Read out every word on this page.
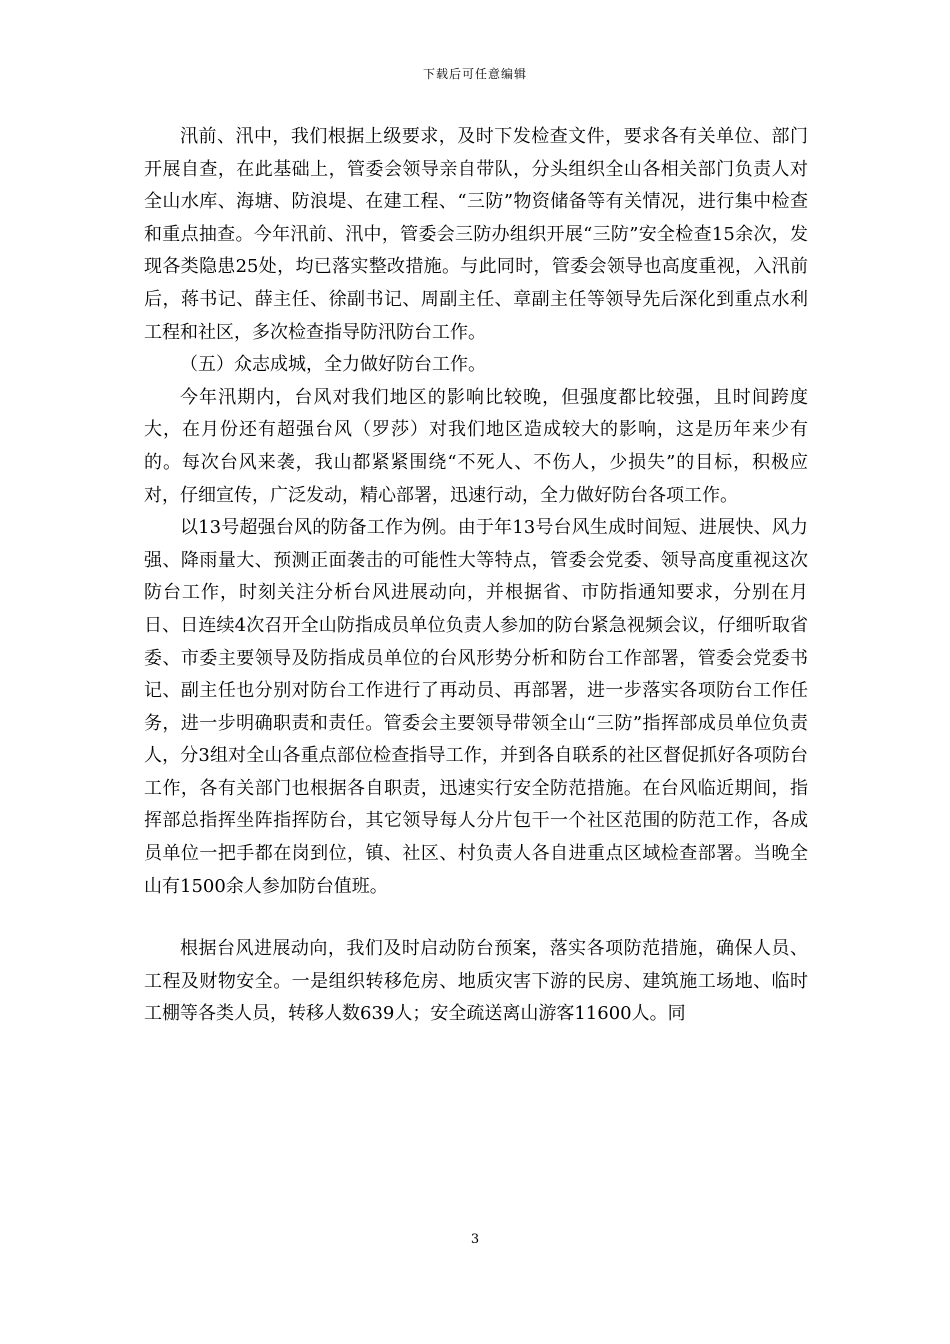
下载后可任意编辑

汛前、汛中，我们根据上级要求，及时下发检查文件，要求各有关单位、部门开展自查，在此基础上，管委会领导亲自带队，分头组织全山各相关部门负责人对全山水库、海塘、防浪堤、在建工程、“三防”物资储备等有关情况，进行集中检查和重点抽查。今年汛前、汛中，管委会三防办组织开展“三防”安全检查15余次，发现各类隐患25处，均已落实整改措施。与此同时，管委会领导也高度重视，入汛前后，蒋书记、薛主任、徐副书记、周副主任、章副主任等领导先后深化到重点水利工程和社区，多次检查指导防汛防台工作。

（五）众志成城，全力做好防台工作。

今年汛期内，台风对我们地区的影响比较晚，但强度都比较强，且时间跨度大，在月份还有超强台风（罗莎）对我们地区造成较大的影响，这是历年来少有的。每次台风来袭，我山都紧紧围绕“不死人、不伤人，少损失”的目标，积极应对，仔细宣传，广泛发动，精心部署，迅速行动，全力做好防台各项工作。

以13号超强台风的防备工作为例。由于年13号台风生成时间短、进展快、风力强、降雨量大、预测正面袭击的可能性大等特点，管委会党委、领导高度重视这次防台工作，时刻关注分析台风进展动向，并根据省、市防指通知要求，分别在月日、日连续4次召开全山防指成员单位负责人参加的防台紧急视频会议，仔细听取省委、市委主要领导及防指成员单位的台风形势分析和防台工作部署，管委会党委书记、副主任也分别对防台工作进行了再动员、再部署，进一步落实各项防台工作任务，进一步明确职责和责任。管委会主要领导带领全山“三防”指挥部成员单位负责人，分3组对全山各重点部位检查指导工作，并到各自联系的社区督促抓好各项防台工作，各有关部门也根据各自职责，迅速实行安全防范措施。在台风临近期间，指挥部总指挥坐阵指挥防台，其它领导每人分片包干一个社区范围的防范工作，各成员单位一把手都在岗到位，镇、社区、村负责人各自进重点区域检查部署。当晚全山有1500余人参加防台值班。

根据台风进展动向，我们及时启动防台预案，落实各项防范措施，确保人员、工程及财物安全。一是组织转移危房、地质灾害下游的民房、建筑施工场地、临时工棚等各类人员，转移人数639人；安全疏送离山游客11600人。同

3
